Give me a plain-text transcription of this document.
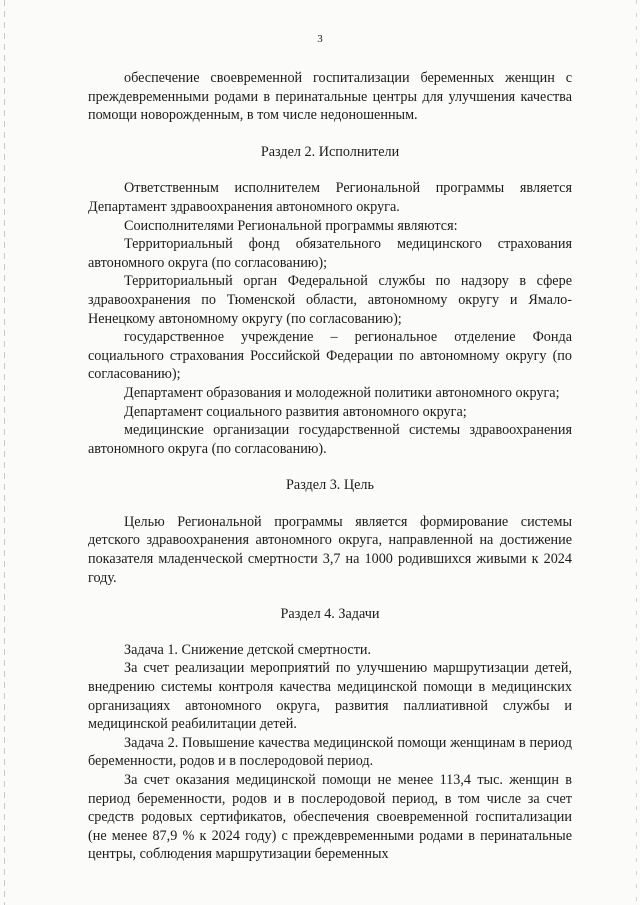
3

обеспечение своевременной госпитализации беременных женщин с преждевременными родами в перинатальные центры для улучшения качества помощи новорожденным, в том числе недоношенным.

Раздел 2. Исполнители

Ответственным исполнителем Региональной программы является Департамент здравоохранения автономного округа.

Соисполнителями Региональной программы являются:

Территориальный фонд обязательного медицинского страхования автономного округа (по согласованию);

Территориальный орган Федеральной службы по надзору в сфере здравоохранения по Тюменской области, автономному округу и Ямало-Ненецкому автономному округу (по согласованию);

государственное учреждение – региональное отделение Фонда социального страхования Российской Федерации по автономному округу (по согласованию);

Департамент образования и молодежной политики автономного округа;

Департамент социального развития автономного округа;

медицинские организации государственной системы здравоохранения автономного округа (по согласованию).

Раздел 3. Цель

Целью Региональной программы является формирование системы детского здравоохранения автономного округа, направленной на достижение показателя младенческой смертности 3,7 на 1000 родившихся живыми к 2024 году.

Раздел 4. Задачи

Задача 1. Снижение детской смертности.

За счет реализации мероприятий по улучшению маршрутизации детей, внедрению системы контроля качества медицинской помощи в медицинских организациях автономного округа, развития паллиативной службы и медицинской реабилитации детей.

Задача 2. Повышение качества медицинской помощи женщинам в период беременности, родов и в послеродовой период.

За счет оказания медицинской помощи не менее 113,4 тыс. женщин в период беременности, родов и в послеродовой период, в том числе за счет средств родовых сертификатов, обеспечения своевременной госпитализации (не менее 87,9 % к 2024 году) с преждевременными родами в перинатальные центры, соблюдения маршрутизации беременных
